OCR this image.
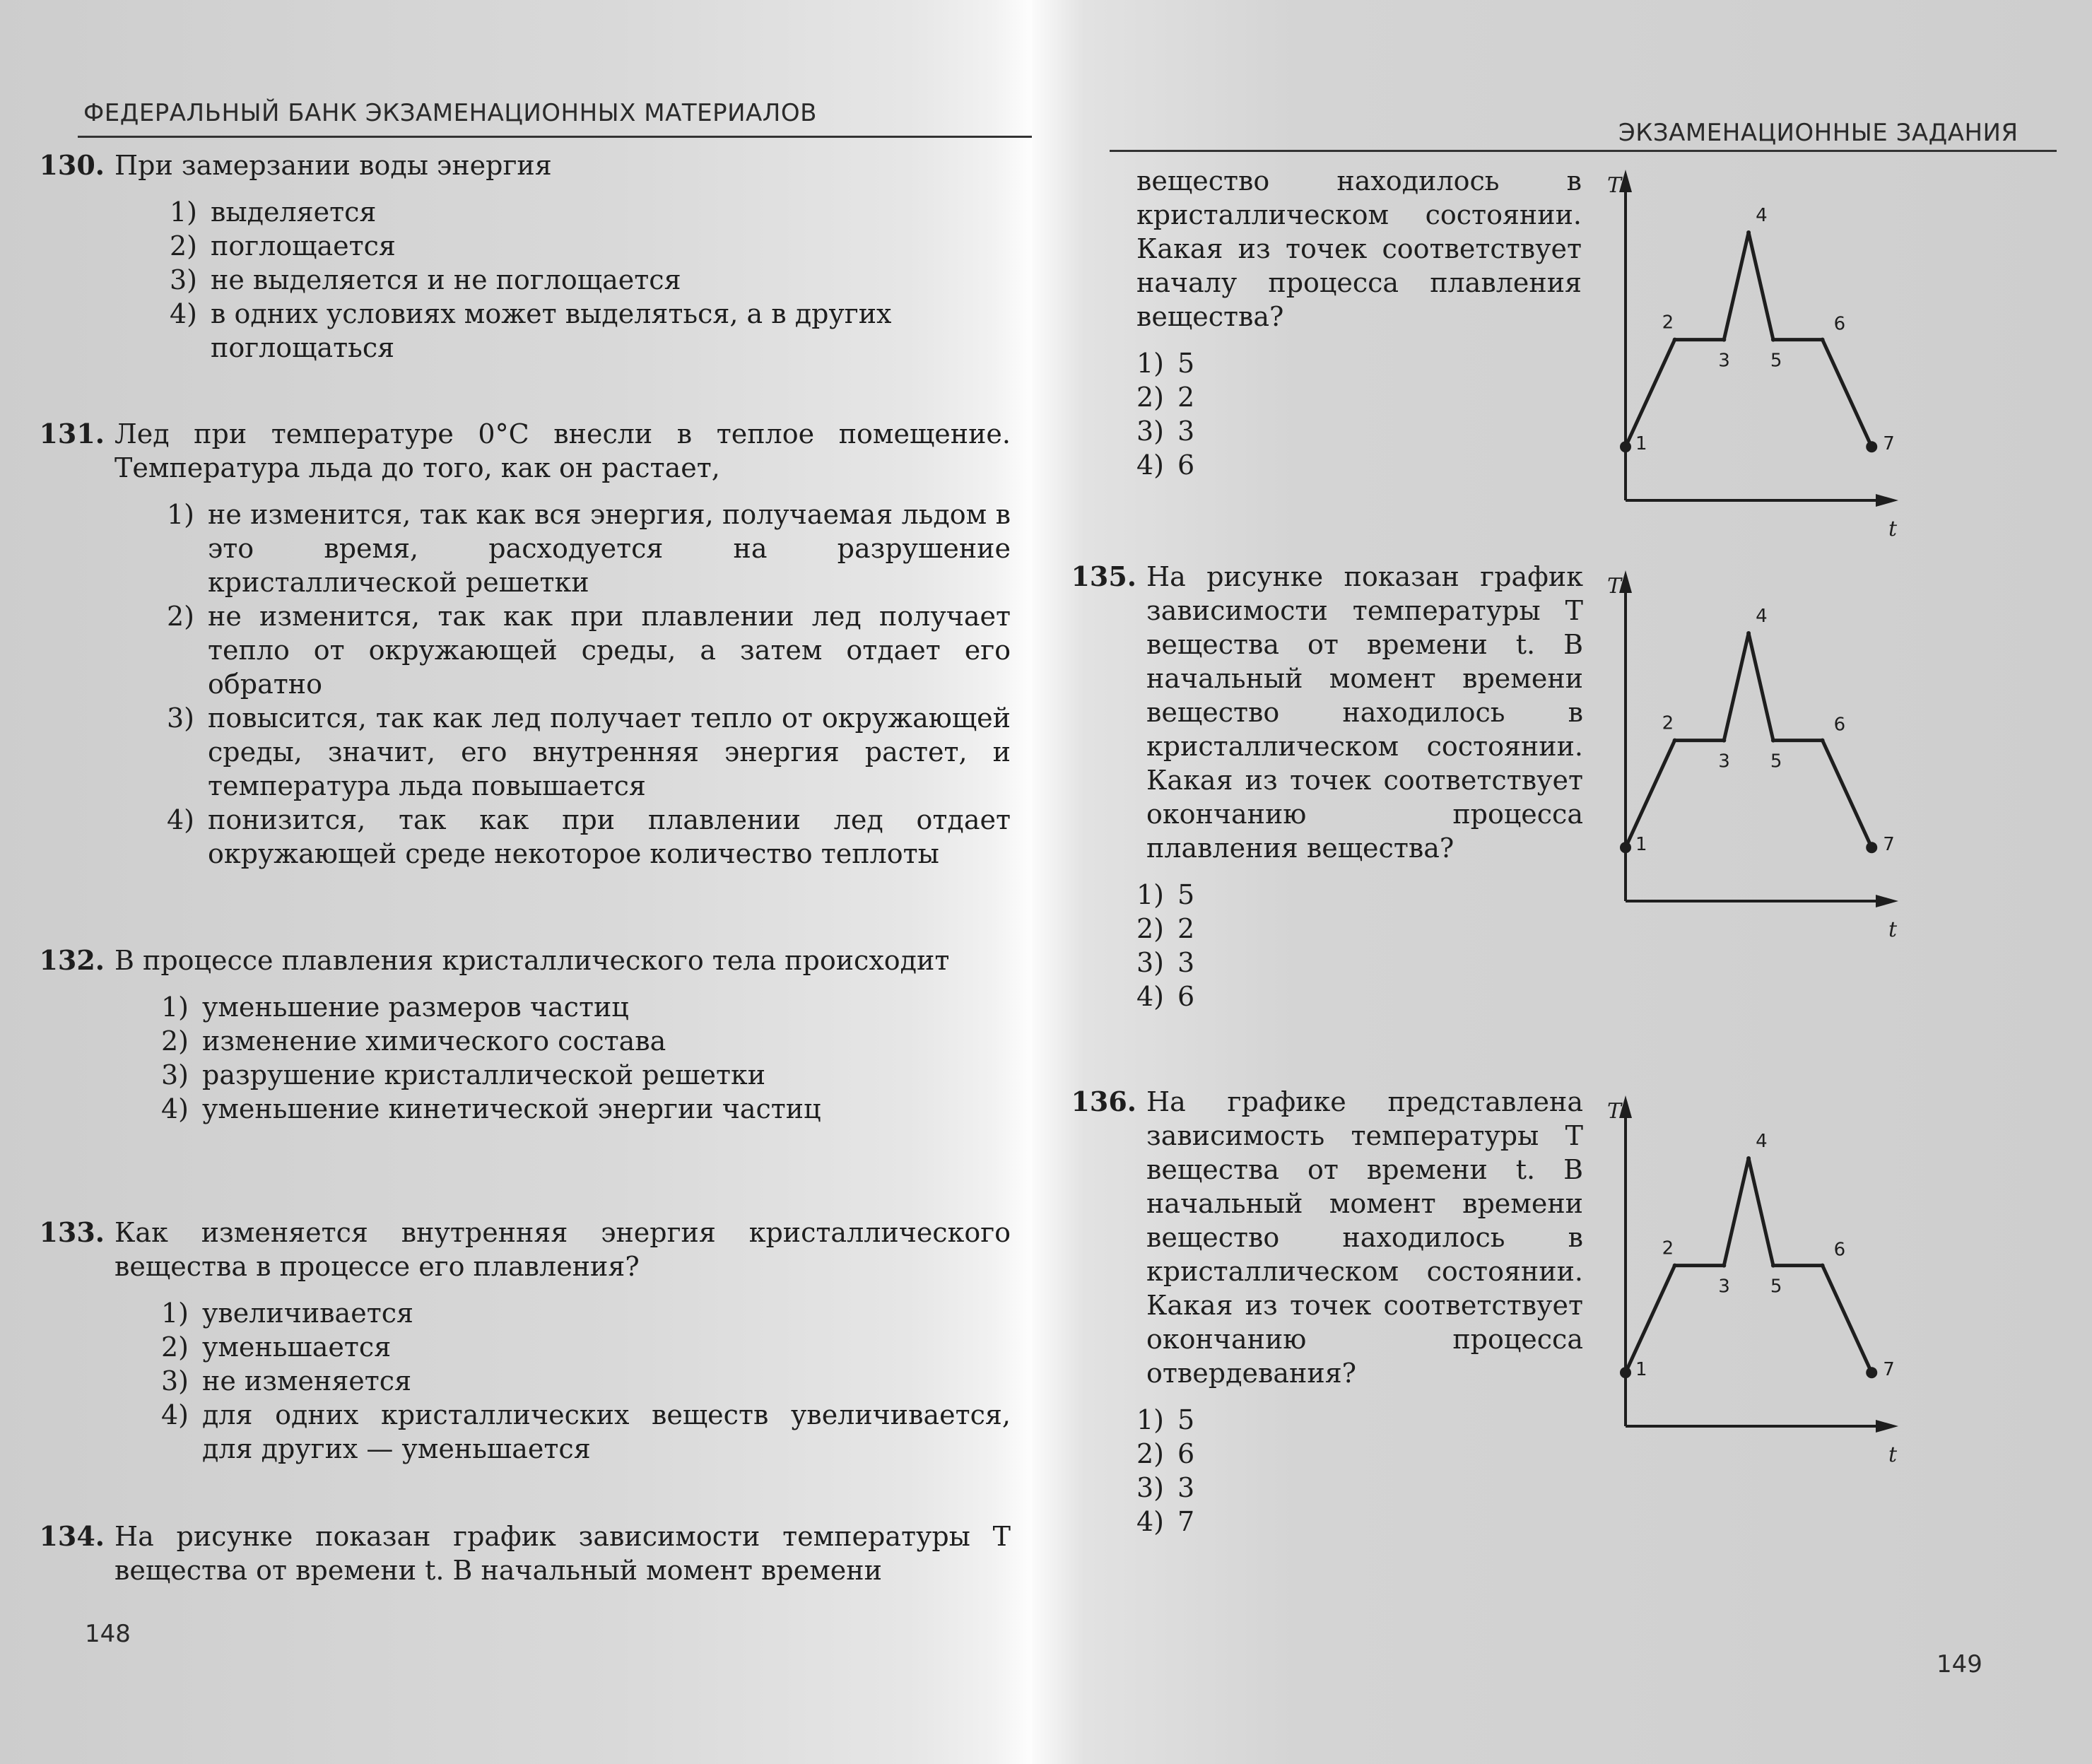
ФЕДЕРАЛЬНЫЙ БАНК ЭКЗАМЕНАЦИОННЫХ МАТЕРИАЛОВ
130. При замерзании воды энергия
1) выделяется
2) поглощается
3) не выделяется и не поглощается
4) в одних условиях может выделяться, а в других поглощаться
131. Лед при температуре 0°С внесли в теплое помещение. Температура льда до того, как он растает,
1) не изменится, так как вся энергия, получаемая льдом в это время, расходуется на разрушение кристаллической решетки
2) не изменится, так как при плавлении лед получает тепло от окружающей среды, а затем отдает его обратно
3) повысится, так как лед получает тепло от окружающей среды, значит, его внутренняя энергия растет, и температура льда повышается
4) понизится, так как при плавлении лед отдает окружающей среде некоторое количество теплоты
132. В процессе плавления кристаллического тела происходит
1) уменьшение размеров частиц
2) изменение химического состава
3) разрушение кристаллической решетки
4) уменьшение кинетической энергии частиц
133. Как изменяется внутренняя энергия кристаллического вещества в процессе его плавления?
1) увеличивается
2) уменьшается
3) не изменяется
4) для одних кристаллических веществ увеличивается, для других — уменьшается
134. На рисунке показан график зависимости температуры T вещества от времени t. В начальный момент времени
148
ЭКЗАМЕНАЦИОННЫЕ ЗАДАНИЯ
вещество находилось в кристаллическом состоянии. Какая из точек соответствует началу процесса плавления вещества?
1) 5
2) 2
3) 3
4) 6
135. На рисунке показан график зависимости температуры T вещества от времени t. В начальный момент времени вещество находилось в кристаллическом состоянии. Какая из точек соответствует окончанию процесса плавления вещества?
1) 5
2) 2
3) 3
4) 6
136. На графике представлена зависимость температуры T вещества от времени t. В начальный момент времени вещество находилось в кристаллическом состоянии. Какая из точек соответствует окончанию процесса отвердевания?
1) 5
2) 6
3) 3
4) 7
T
t
1
2
3
4
5
6
7
T
t
1
2
3
4
5
6
7
T
t
1
2
3
4
5
6
7
149
